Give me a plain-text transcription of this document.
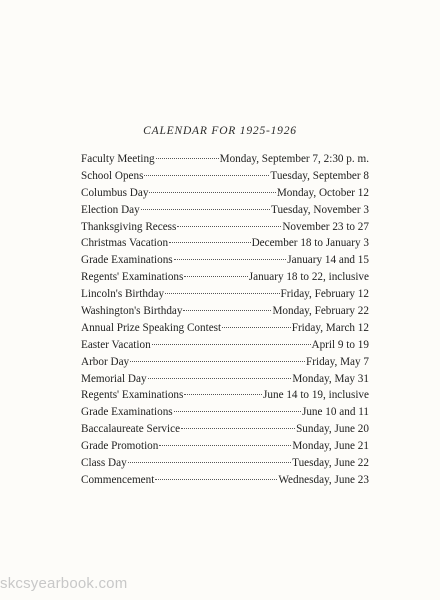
CALENDAR FOR 1925-1926
Faculty Meeting	Monday, September 7, 2:30 p. m.
School Opens	Tuesday, September 8
Columbus Day	Monday, October 12
Election Day	Tuesday, November 3
Thanksgiving Recess	November 23 to 27
Christmas Vacation	December 18 to January 3
Grade Examinations	January 14 and 15
Regents' Examinations	January 18 to 22, inclusive
Lincoln's Birthday	Friday, February 12
Washington's Birthday	Monday, February 22
Annual Prize Speaking Contest	Friday, March 12
Easter Vacation	April 9 to 19
Arbor Day	Friday, May 7
Memorial Day	Monday, May 31
Regents' Examinations	June 14 to 19, inclusive
Grade Examinations	June 10 and 11
Baccalaureate Service	Sunday, June 20
Grade Promotion	Monday, June 21
Class Day	Tuesday, June 22
Commencement	Wednesday, June 23
skcsyearbook.com
